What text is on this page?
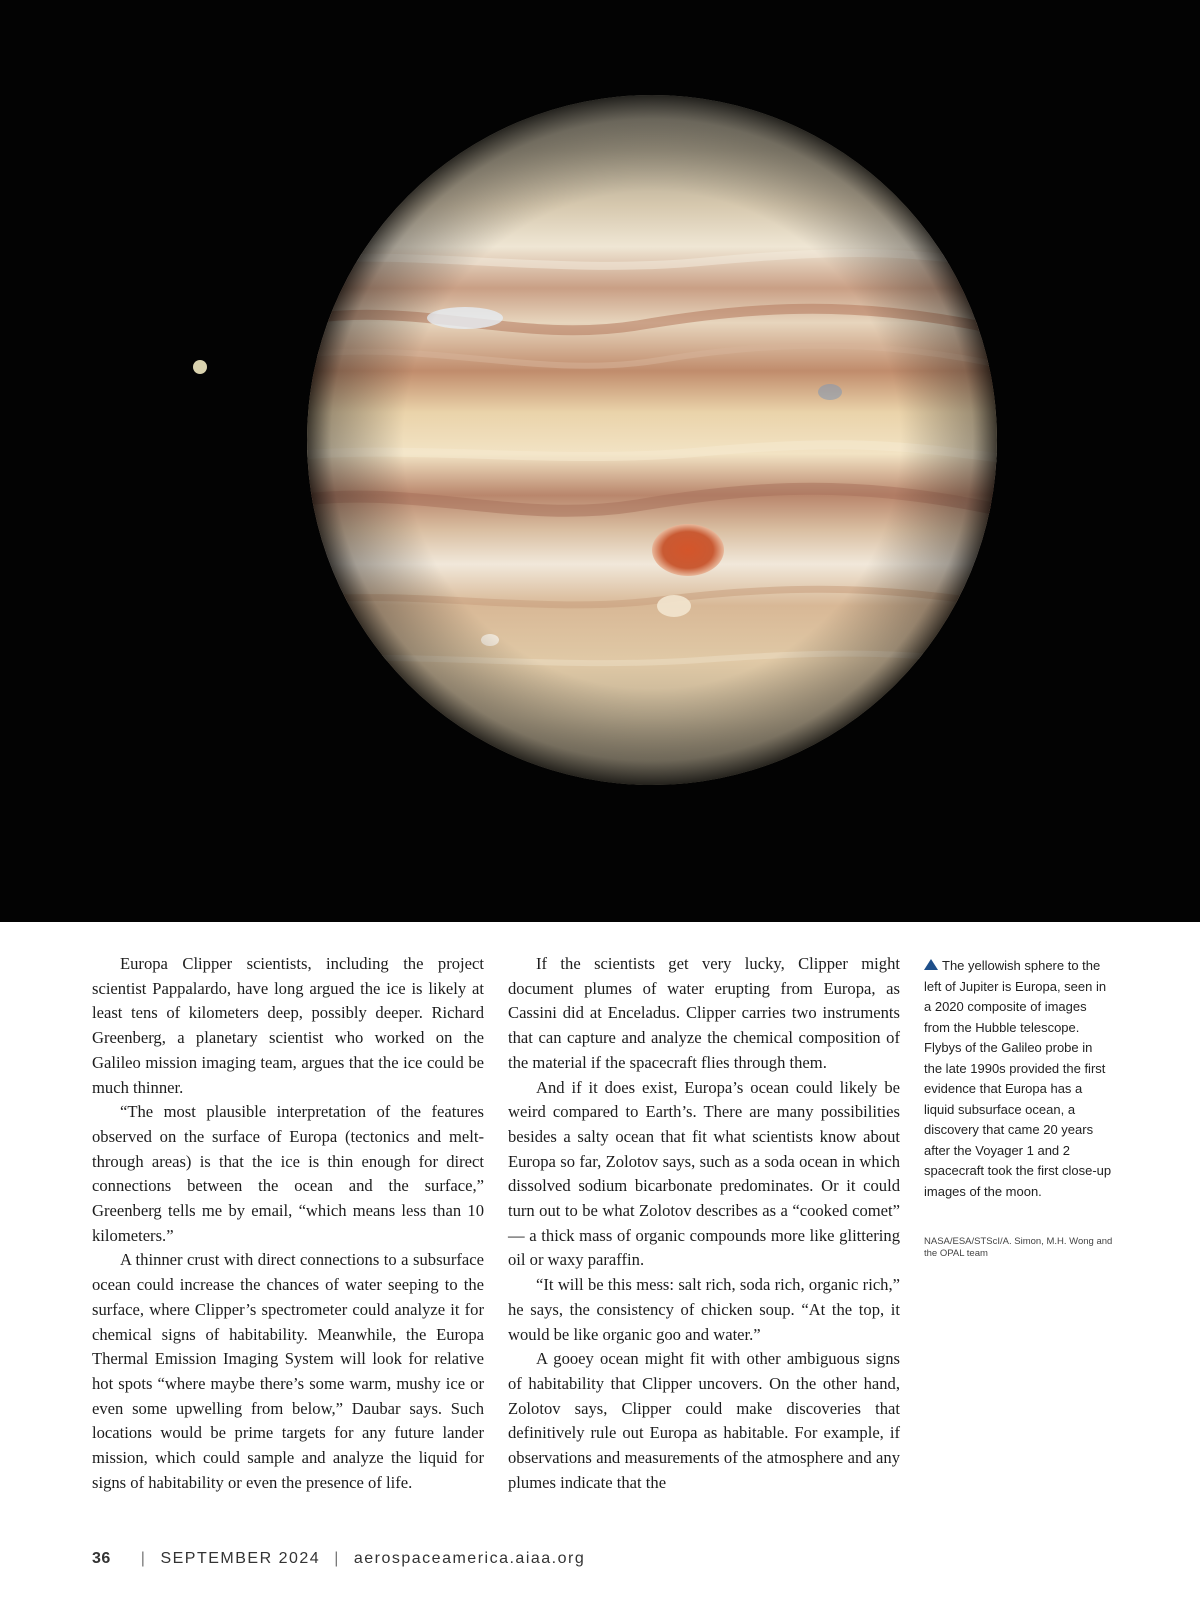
Europa Clipper scientists, including the project scientist Pappalardo, have long argued the ice is likely at least tens of kilometers deep, possibly deeper. Richard Greenberg, a planetary scientist who worked on the Galileo mission imaging team, argues that the ice could be much thinner.

“The most plausible interpretation of the features observed on the surface of Europa (tectonics and melt-through areas) is that the ice is thin enough for direct connections between the ocean and the surface,” Greenberg tells me by email, “which means less than 10 kilometers.”

A thinner crust with direct connections to a subsurface ocean could increase the chances of water seeping to the surface, where Clipper’s spectrometer could analyze it for chemical signs of habitability. Meanwhile, the Europa Thermal Emission Imaging System will look for relative hot spots “where maybe there’s some warm, mushy ice or even some upwelling from below,” Daubar says. Such locations would be prime targets for any future lander mission, which could sample and analyze the liquid for signs of habitability or even the presence of life.

If the scientists get very lucky, Clipper might document plumes of water erupting from Europa, as Cassini did at Enceladus. Clipper carries two instruments that can capture and analyze the chemical composition of the material if the spacecraft flies through them.

And if it does exist, Europa’s ocean could likely be weird compared to Earth’s. There are many possibilities besides a salty ocean that fit what scientists know about Europa so far, Zolotov says, such as a soda ocean in which dissolved sodium bicarbonate predominates. Or it could turn out to be what Zolotov describes as a “cooked comet” — a thick mass of organic compounds more like glittering oil or waxy paraffin.

“It will be this mess: salt rich, soda rich, organic rich,” he says, the consistency of chicken soup. “At the top, it would be like organic goo and water.”

A gooey ocean might fit with other ambiguous signs of habitability that Clipper uncovers. On the other hand, Zolotov says, Clipper could make discoveries that definitively rule out Europa as habitable. For example, if observations and measurements of the atmosphere and any plumes indicate that the

The yellowish sphere to the left of Jupiter is Europa, seen in a 2020 composite of images from the Hubble telescope. Flybys of the Galileo probe in the late 1990s provided the first evidence that Europa has a liquid subsurface ocean, a discovery that came 20 years after the Voyager 1 and 2 spacecraft took the first close-up images of the moon.
NASA/ESA/STScI/A. Simon, M.H. Wong and the OPAL team
36 | SEPTEMBER 2024 | aerospaceamerica.aiaa.org
